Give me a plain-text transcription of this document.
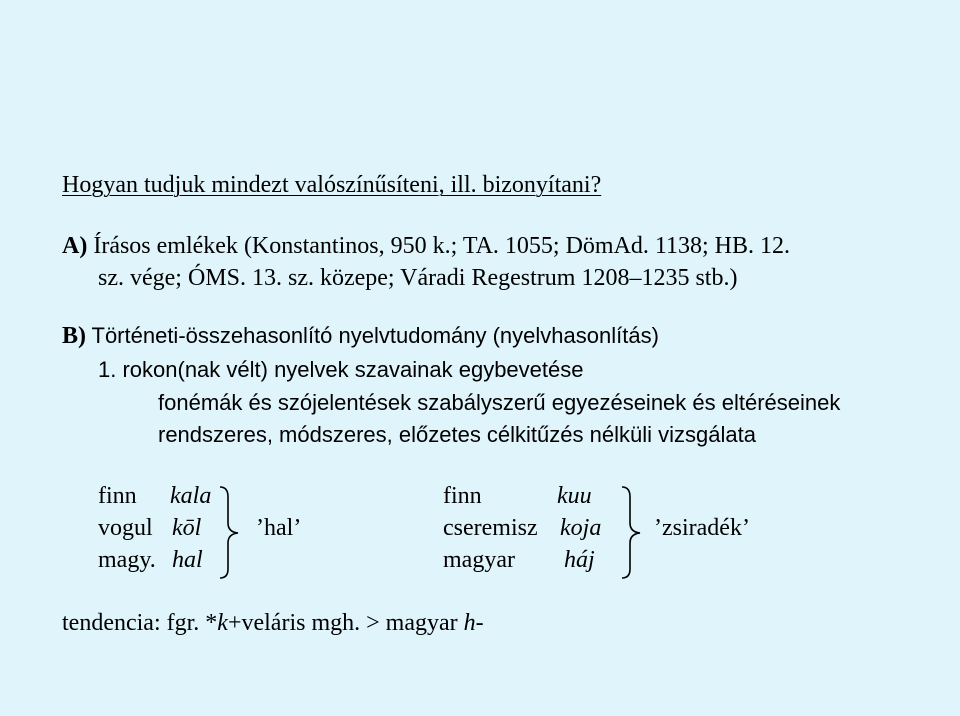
Hogyan tudjuk mindezt valószínűsíteni, ill. bizonyítani?
A) Írásos emlékek (Konstantinos, 950 k.; TA. 1055; DömAd. 1138; HB. 12.
sz. vége; ÓMS. 13. sz. közepe; Váradi Regestrum 1208–1235 stb.)
B) Történeti-összehasonlító nyelvtudomány (nyelvhasonlítás)
1. rokon(nak vélt) nyelvek szavainak egybevetése
fonémák és szójelentések szabályszerű egyezéseinek és eltéréseinek
rendszeres, módszeres, előzetes célkitűzés nélküli vizsgálata
finn kala
vogul kōl
magy. hal
’hal’
finn	kuu
cseremisz koja
magyar háj
’zsiradék’
tendencia: fgr. *k+veláris mgh. > magyar h-
